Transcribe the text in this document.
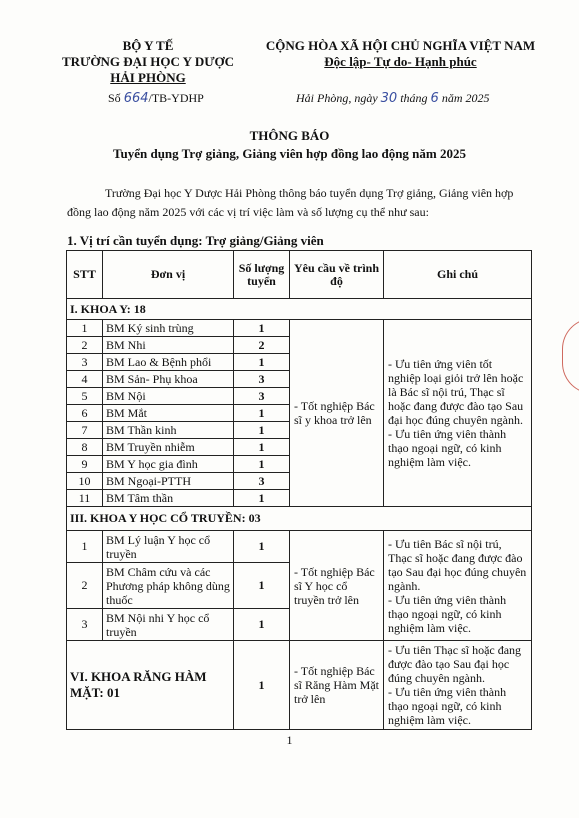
BỘ Y TẾ
TRƯỜNG ĐẠI HỌC Y DƯỢC
HẢI PHÒNG
CỘNG HÒA XÃ HỘI CHỦ NGHĨA VIỆT NAM
Độc lập- Tự do- Hạnh phúc
Số 664/TB-YDHP	Hải Phòng, ngày 30 tháng 6 năm 2025
THÔNG BÁO
Tuyển dụng Trợ giảng, Giảng viên hợp đồng lao động năm 2025
Trường Đại học Y Dược Hải Phòng thông báo tuyển dụng Trợ giảng, Giảng viên hợp đồng lao động năm 2025 với các vị trí việc làm và số lượng cụ thể như sau:
1. Vị trí cần tuyển dụng: Trợ giảng/Giảng viên
STT	Đơn vị	Số lượng tuyển	Yêu cầu về trình độ	Ghi chú
I. KHOA Y: 18				
1	BM Ký sinh trùng	1	- Tốt nghiệp Bác sĩ y khoa trở lên	- Ưu tiên ứng viên tốt nghiệp loại giỏi trở lên hoặc là Bác sĩ nội trú, Thạc sĩ hoặc đang được đào tạo Sau đại học đúng chuyên ngành.
- Ưu tiên ứng viên thành thạo ngoại ngữ, có kinh nghiệm làm việc.

2	BM Nhi	2		
3	BM Lao & Bệnh phổi	1		
4	BM Sản- Phụ khoa	3		
5	BM Nội	3		
6	BM Mắt	1		
7	BM Thần kinh	1		
8	BM Truyền nhiễm	1		
9	BM Y học gia đình	1		
10	BM Ngoại-PTTH	3		
11	BM Tâm thần	1		
III. KHOA Y HỌC CỔ TRUYỀN: 03				
1	BM Lý luận Y học cổ truyền	1	- Tốt nghiệp Bác sĩ Y học cổ truyền trở lên	- Ưu tiên Bác sĩ nội trú, Thạc sĩ hoặc đang được đào tạo Sau đại học đúng chuyên ngành.
- Ưu tiên ứng viên thành thạo ngoại ngữ, có kinh nghiệm làm việc.

2	BM Châm cứu và các Phương pháp không dùng thuốc	1		
3	BM Nội nhi Y học cổ truyền	1		
VI. KHOA RĂNG HÀM MẶT: 01		1	- Tốt nghiệp Bác sĩ Răng Hàm Mặt trở lên	- Ưu tiên Thạc sĩ hoặc đang được đào tạo Sau đại học đúng chuyên ngành.
- Ưu tiên ứng viên thành thạo ngoại ngữ, có kinh nghiệm làm việc.
1
